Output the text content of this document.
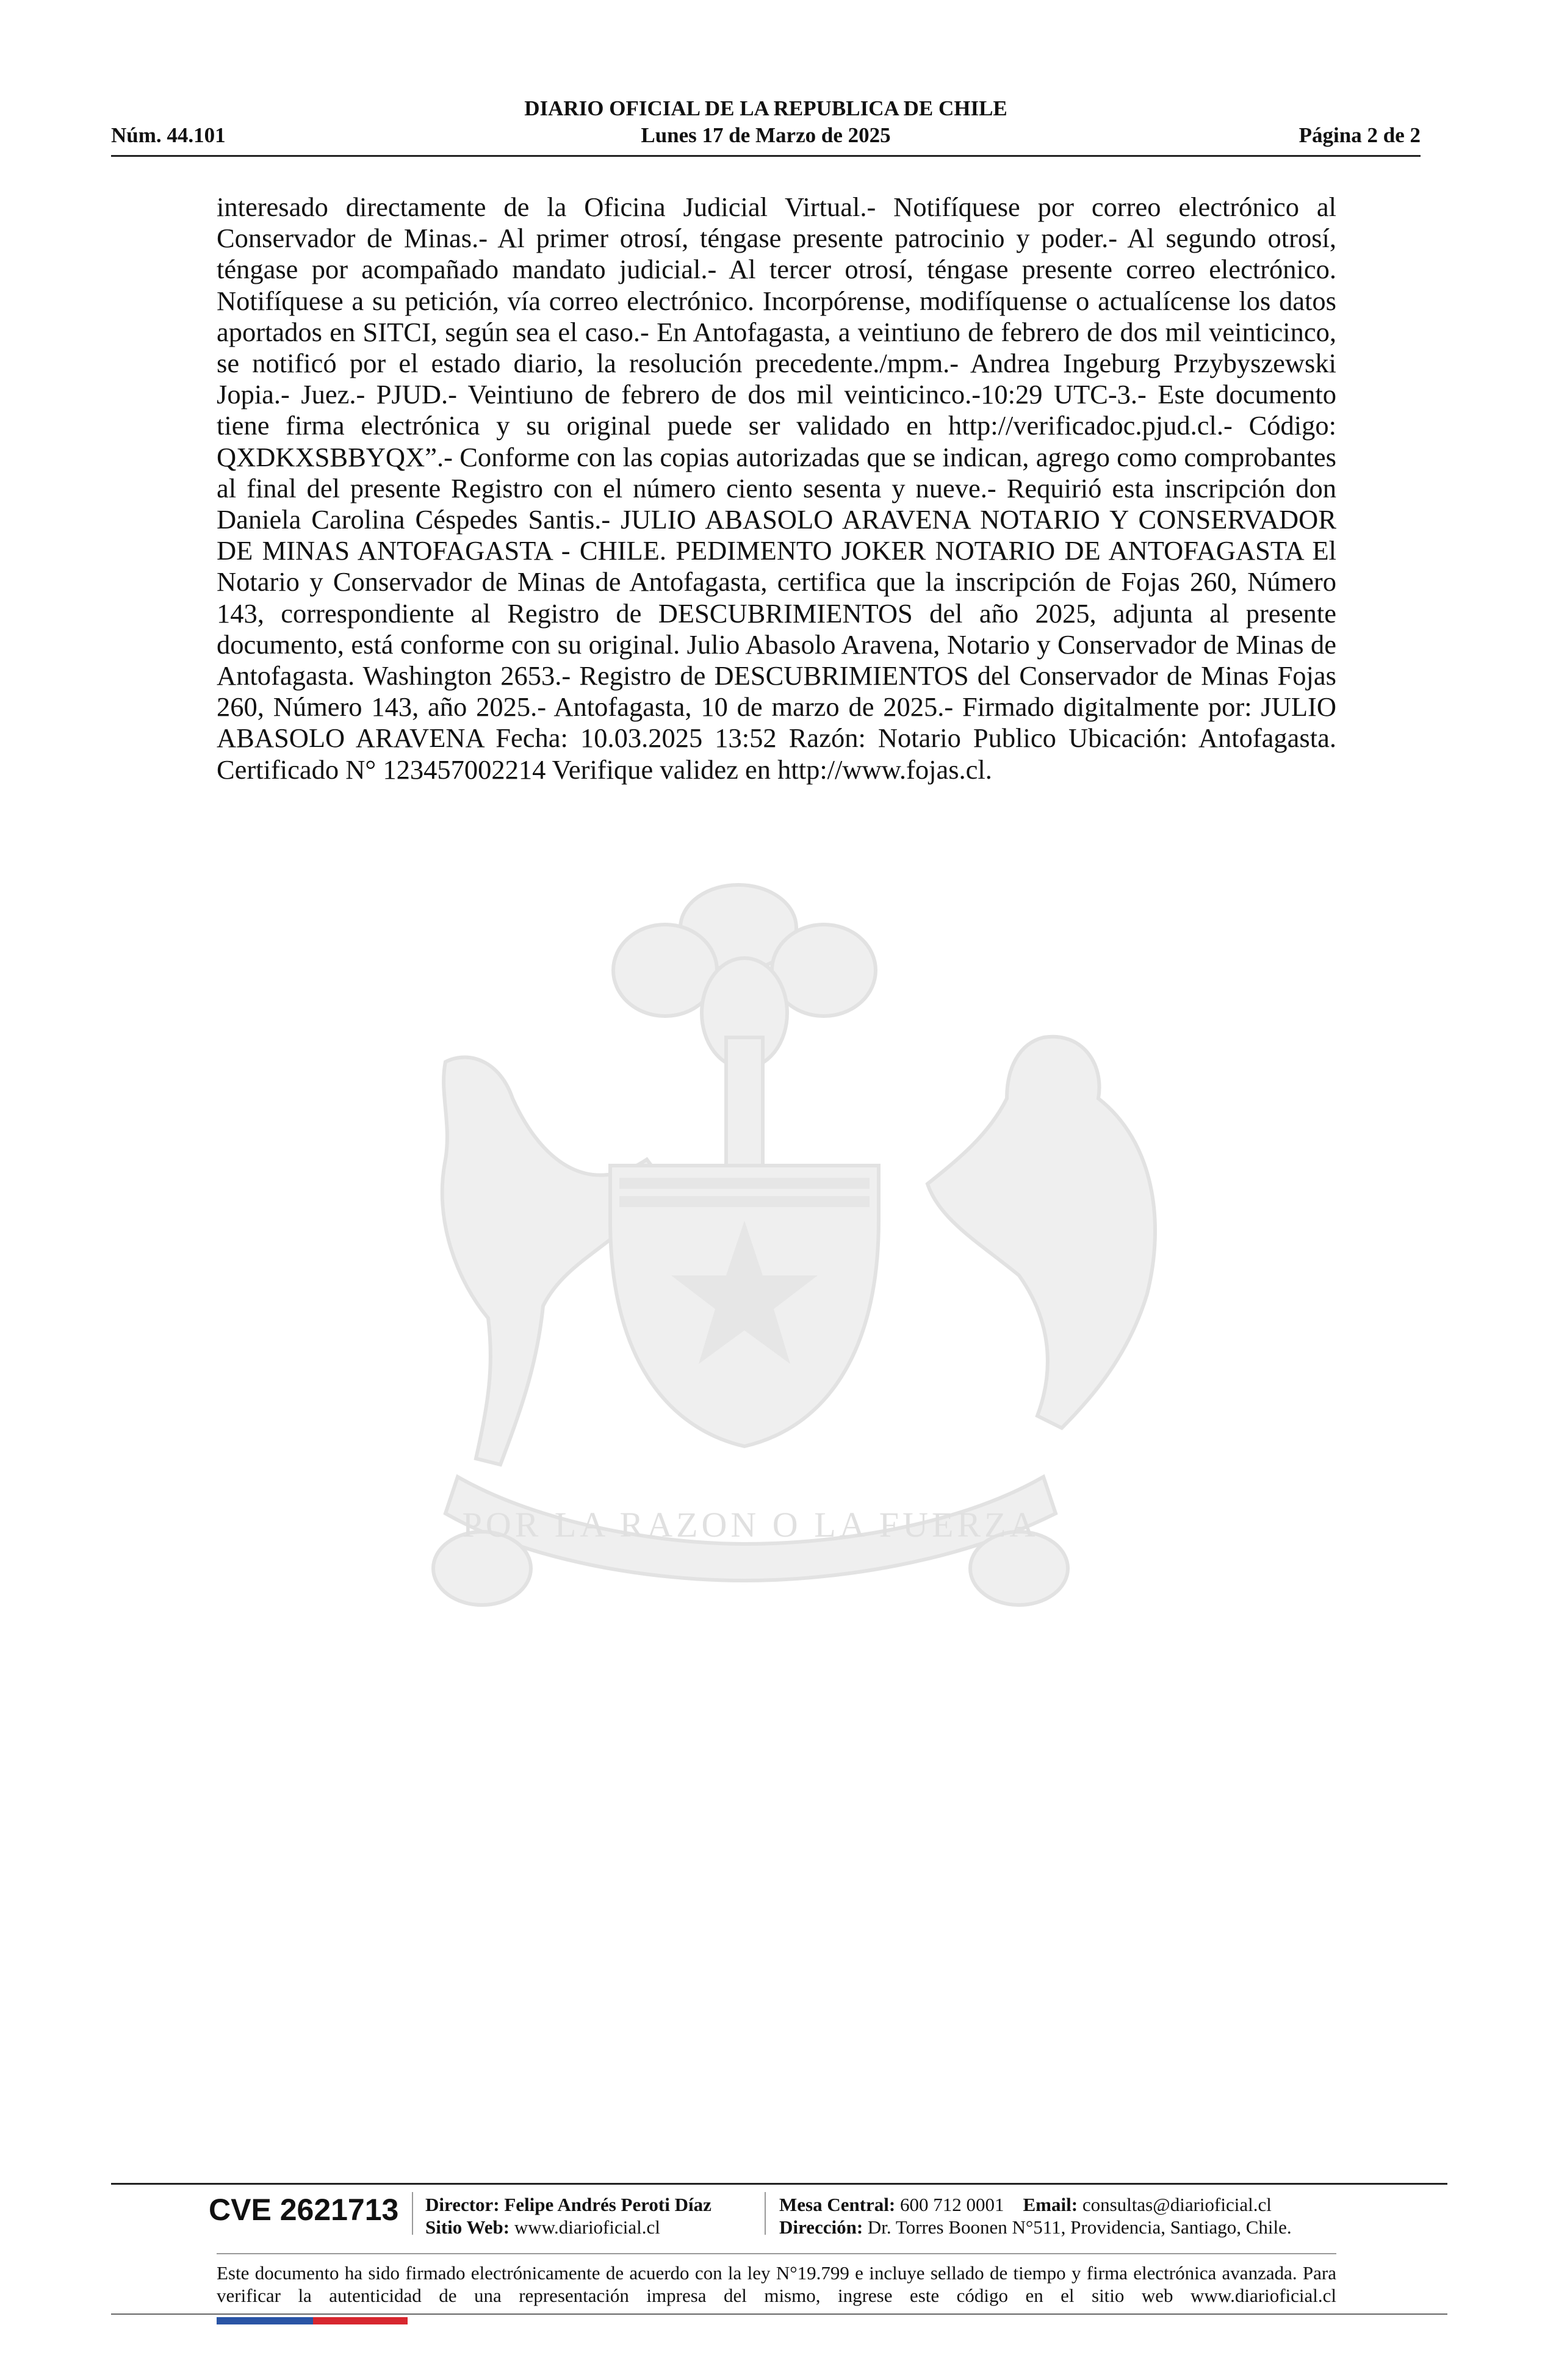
DIARIO OFICIAL DE LA REPUBLICA DE CHILE
Núm. 44.101	Lunes 17 de Marzo de 2025	Página 2 de 2
POR LA RAZON O LA FUERZA
interesado directamente de la Oficina Judicial Virtual.- Notifíquese por correo electrónico al Conservador de Minas.- Al primer otrosí, téngase presente patrocinio y poder.- Al segundo otrosí, téngase por acompañado mandato judicial.- Al tercer otrosí, téngase presente correo electrónico. Notifíquese a su petición, vía correo electrónico. Incorpórense, modifíquense o actualícense los datos aportados en SITCI, según sea el caso.- En Antofagasta, a veintiuno de febrero de dos mil veinticinco, se notificó por el estado diario, la resolución precedente./mpm.- Andrea Ingeburg Przybyszewski Jopia.- Juez.- PJUD.- Veintiuno de febrero de dos mil veinticinco.-10:29 UTC-3.- Este documento tiene firma electrónica y su original puede ser validado en http://verificadoc.pjud.cl.- Código: QXDKXSBBYQX”.- Conforme con las copias autorizadas que se indican, agrego como comprobantes al final del presente Registro con el número ciento sesenta y nueve.- Requirió esta inscripción don Daniela Carolina Céspedes Santis.- JULIO ABASOLO ARAVENA NOTARIO Y CONSERVADOR DE MINAS ANTOFAGASTA - CHILE. PEDIMENTO JOKER NOTARIO DE ANTOFAGASTA El Notario y Conservador de Minas de Antofagasta, certifica que la inscripción de Fojas 260, Número 143, correspondiente al Registro de DESCUBRIMIENTOS del año 2025, adjunta al presente documento, está conforme con su original. Julio Abasolo Aravena, Notario y Conservador de Minas de Antofagasta. Washington 2653.- Registro de DESCUBRIMIENTOS del Conservador de Minas Fojas 260, Número 143, año 2025.- Antofagasta, 10 de marzo de 2025.- Firmado digitalmente por: JULIO ABASOLO ARAVENA Fecha: 10.03.2025 13:52 Razón: Notario Publico Ubicación: Antofagasta. Certificado N° 123457002214 Verifique validez en http://www.fojas.cl.
CVE 2621713 Director: Felipe Andrés Peroti Díaz
Sitio Web: www.diarioficial.cl
Mesa Central: 600 712 0001 Email: consultas@diarioficial.cl
Dirección: Dr. Torres Boonen N°511, Providencia, Santiago, Chile.
Este documento ha sido firmado electrónicamente de acuerdo con la ley N°19.799 e incluye sellado de tiempo y firma electrónica avanzada. Para verificar la autenticidad de una representación impresa del mismo, ingrese este código en el sitio web www.diarioficial.cl
